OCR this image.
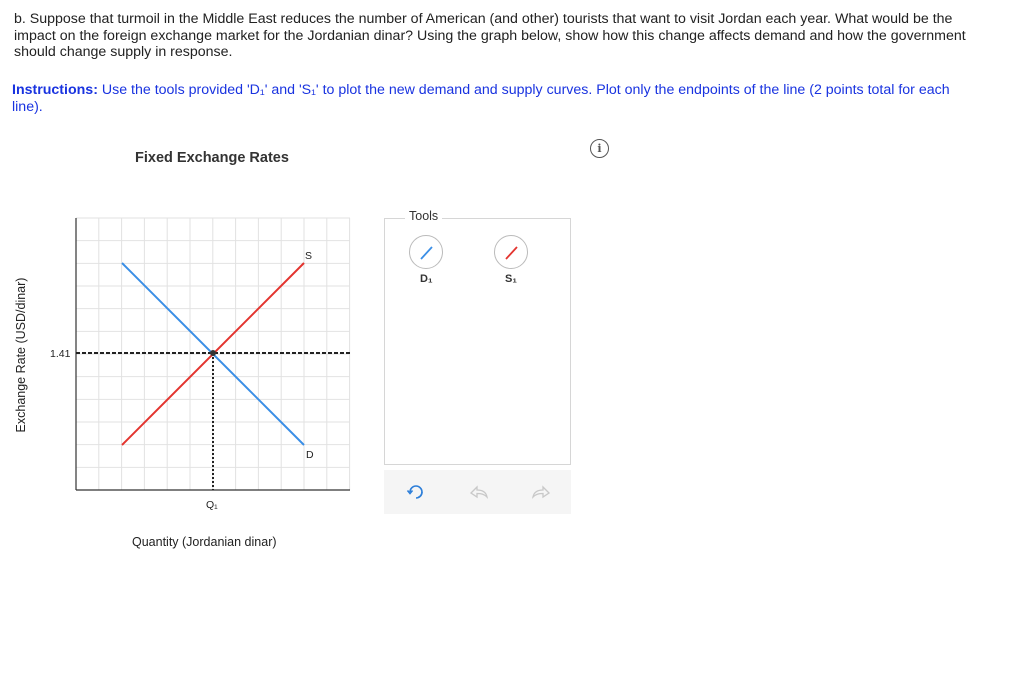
b. Suppose that turmoil in the Middle East reduces the number of American (and other) tourists that want to visit Jordan each year. What would be the impact on the foreign exchange market for the Jordanian dinar? Using the graph below, show how this change affects demand and how the government should change supply in response.
Instructions: Use the tools provided 'D₁' and 'S₁' to plot the new demand and supply curves. Plot only the endpoints of the line (2 points total for each line).
i
Fixed Exchange Rates
S
D
1.41
Q₁
Exchange Rate (USD/dinar)
Quantity (Jordanian dinar)
Tools
D₁	S₁
